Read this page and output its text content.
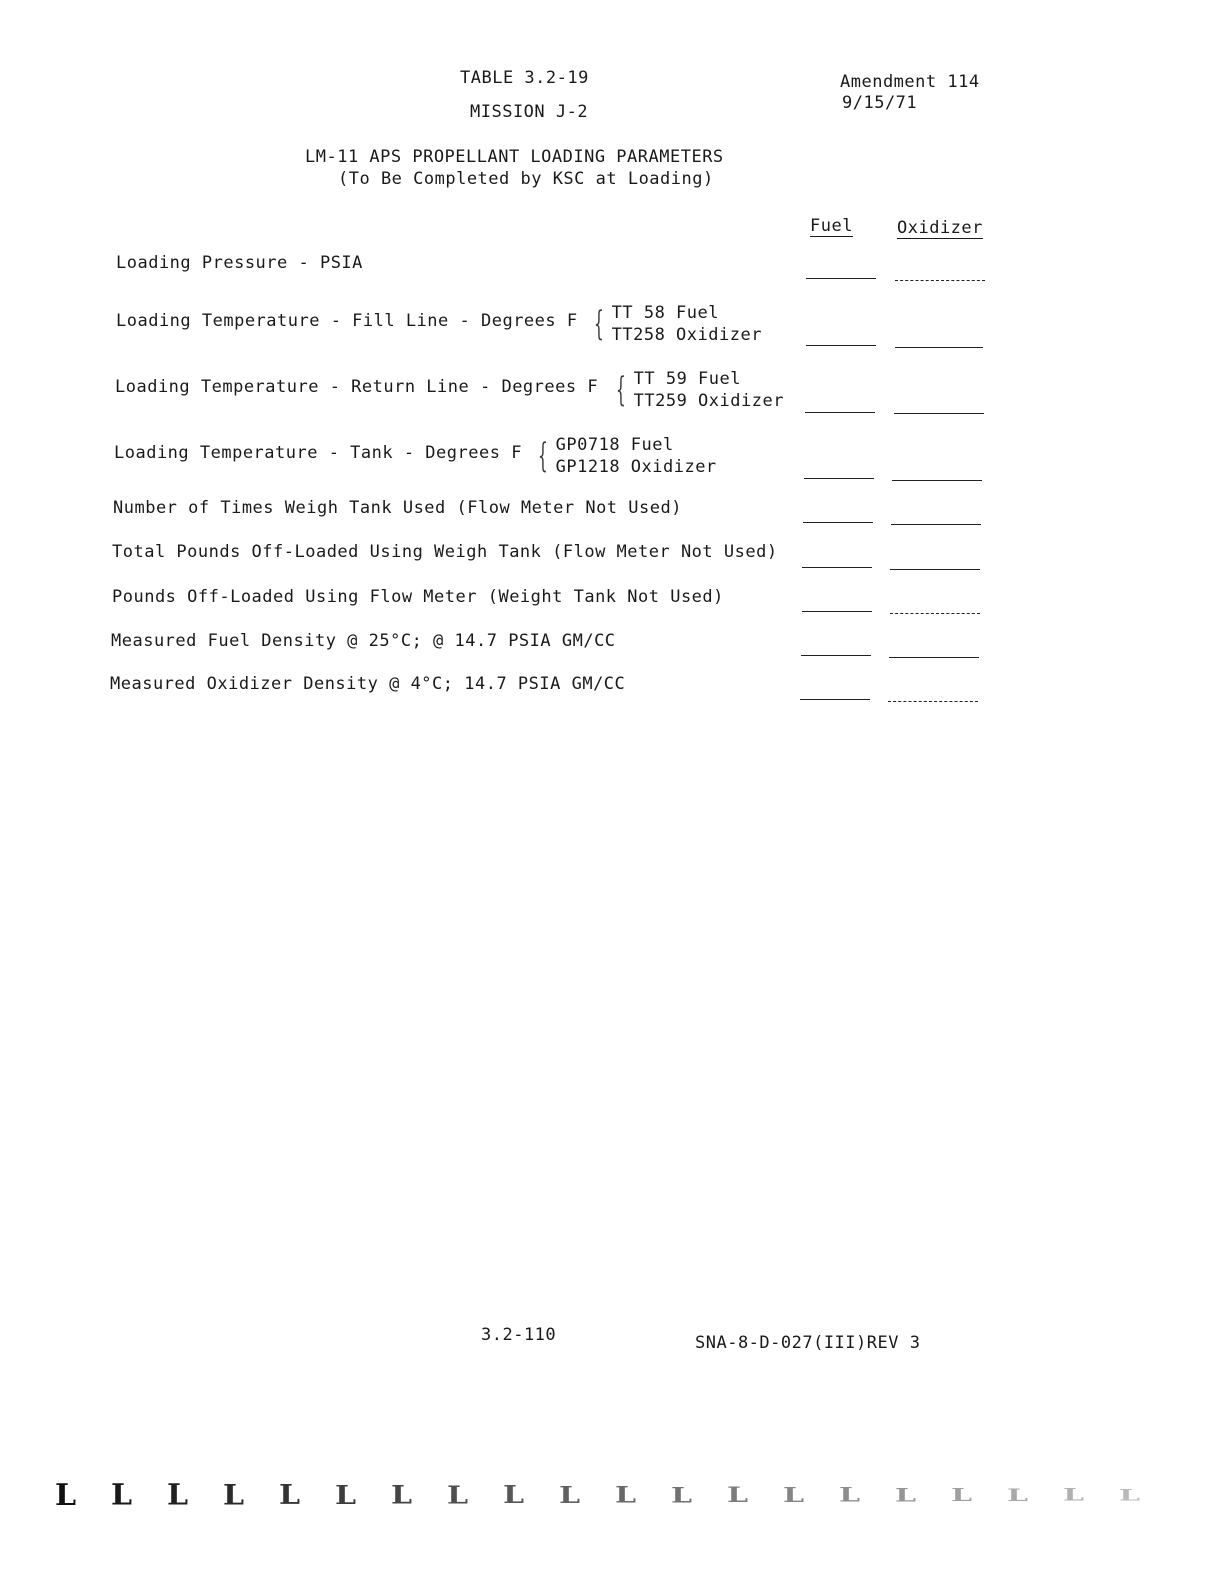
TABLE 3.2-19
MISSION J-2
Amendment 114
9/15/71
LM-11 APS PROPELLANT LOADING PARAMETERS
(To Be Completed by KSC at Loading)
Fuel	Oxidizer
Loading Pressure - PSIA
Loading Temperature - Fill Line - Degrees F { TT 58 Fuel
TT258 Oxidizer
Loading Temperature - Return Line - Degrees F { TT 59 Fuel
TT259 Oxidizer
Loading Temperature - Tank - Degrees F { GP0718 Fuel
GP1218 Oxidizer
Number of Times Weigh Tank Used (Flow Meter Not Used)
Total Pounds Off-Loaded Using Weigh Tank (Flow Meter Not Used)
Pounds Off-Loaded Using Flow Meter (Weight Tank Not Used)
Measured Fuel Density @ 25°C; @ 14.7 PSIA GM/CC
Measured Oxidizer Density @ 4°C; 14.7 PSIA GM/CC
3.2-110	SNA-8-D-027(III)REV 3
L	L	L	L	L	L	L	L	L	L	L	L	L	L	L	L	L	L	L	L
